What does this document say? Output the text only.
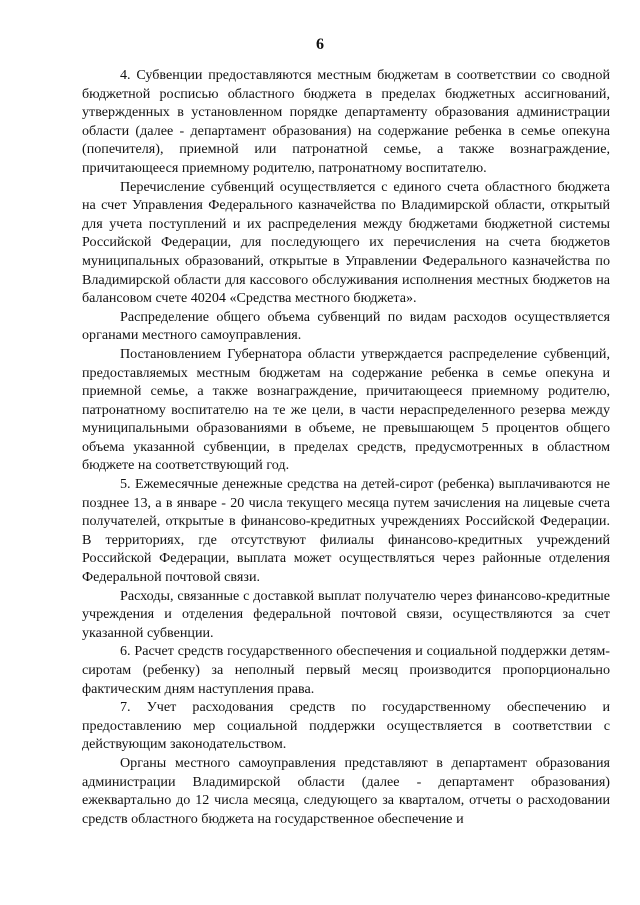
6

4. Субвенции предоставляются местным бюджетам в соответствии со сводной бюджетной росписью областного бюджета в пределах бюджетных ассигнований, утвержденных в установленном порядке департаменту образования администрации области (далее - департамент образования) на содержание ребенка в семье опекуна (попечителя), приемной или патронатной семье, а также вознаграждение, причитающееся приемному родителю, патронатному воспитателю.

Перечисление субвенций осуществляется с единого счета областного бюджета на счет Управления Федерального казначейства по Владимирской области, открытый для учета поступлений и их распределения между бюджетами бюджетной системы Российской Федерации, для последующего их перечисления на счета бюджетов муниципальных образований, открытые в Управлении Федерального казначейства по Владимирской области для кассового обслуживания исполнения местных бюджетов на балансовом счете 40204 «Средства местного бюджета».

Распределение общего объема субвенций по видам расходов осуществляется органами местного самоуправления.

Постановлением Губернатора области утверждается распределение субвенций, предоставляемых местным бюджетам на содержание ребенка в семье опекуна и приемной семье, а также вознаграждение, причитающееся приемному родителю, патронатному воспитателю на те же цели, в части нераспределенного резерва между муниципальными образованиями в объеме, не превышающем 5 процентов общего объема указанной субвенции, в пределах средств, предусмотренных в областном бюджете на соответствующий год.

5. Ежемесячные денежные средства на детей-сирот (ребенка) выплачиваются не позднее 13, а в январе - 20 числа текущего месяца путем зачисления на лицевые счета получателей, открытые в финансово-кредитных учреждениях Российской Федерации. В территориях, где отсутствуют филиалы финансово-кредитных учреждений Российской Федерации, выплата может осуществляться через районные отделения Федеральной почтовой связи.

Расходы, связанные с доставкой выплат получателю через финансово-кредитные учреждения и отделения федеральной почтовой связи, осуществляются за счет указанной субвенции.

6. Расчет средств государственного обеспечения и социальной поддержки детям-сиротам (ребенку) за неполный первый месяц производится пропорционально фактическим дням наступления права.

7. Учет расходования средств по государственному обеспечению и предоставлению мер социальной поддержки осуществляется в соответствии с действующим законодательством.

Органы местного самоуправления представляют в департамент образования администрации Владимирской области (далее - департамент образования) ежеквартально до 12 числа месяца, следующего за кварталом, отчеты о расходовании средств областного бюджета на государственное обеспечение и
